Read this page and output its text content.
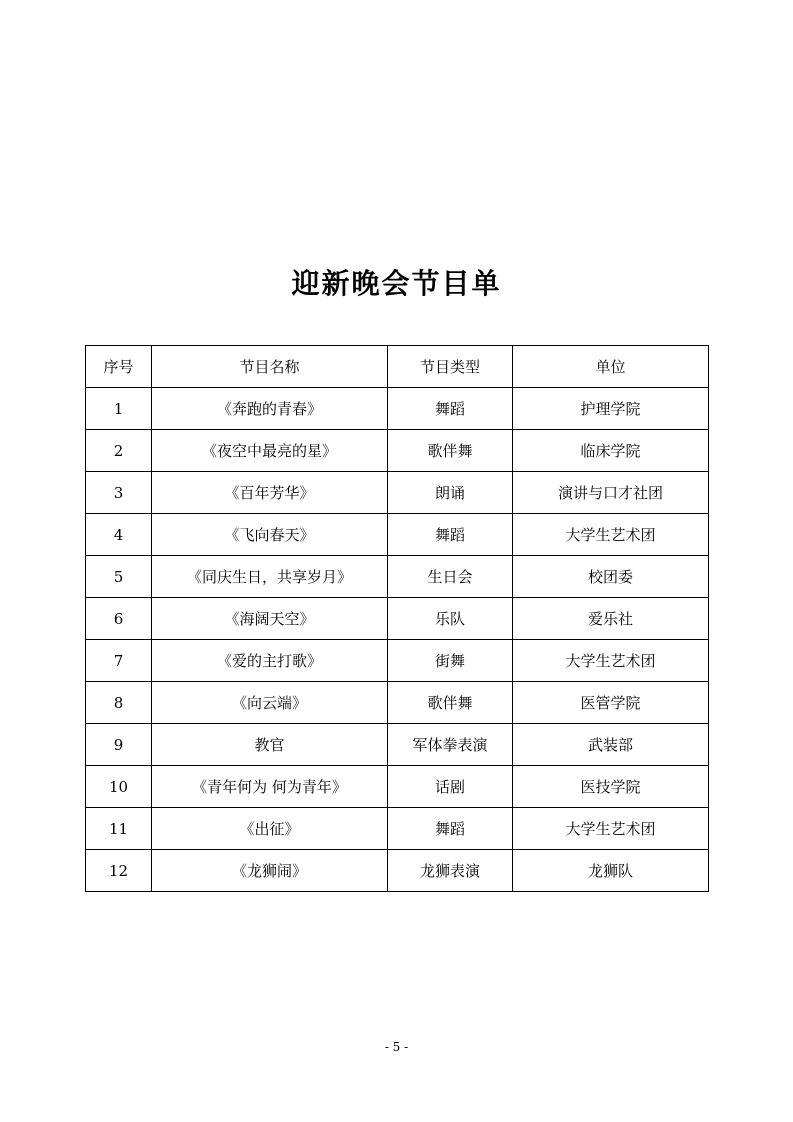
迎新晚会节目单
序号	节目名称	节目类型	单位
1	《奔跑的青春》	舞蹈	护理学院
2	《夜空中最亮的星》	歌伴舞	临床学院
3	《百年芳华》	朗诵	演讲与口才社团
4	《飞向春天》	舞蹈	大学生艺术团
5	《同庆生日，共享岁月》	生日会	校团委
6	《海阔天空》	乐队	爱乐社
7	《爱的主打歌》	街舞	大学生艺术团
8	《向云端》	歌伴舞	医管学院
9	教官	军体拳表演	武装部
10	《青年何为 何为青年》	话剧	医技学院
11	《出征》	舞蹈	大学生艺术团
12	《龙狮闹》	龙狮表演	龙狮队
- 5 -
